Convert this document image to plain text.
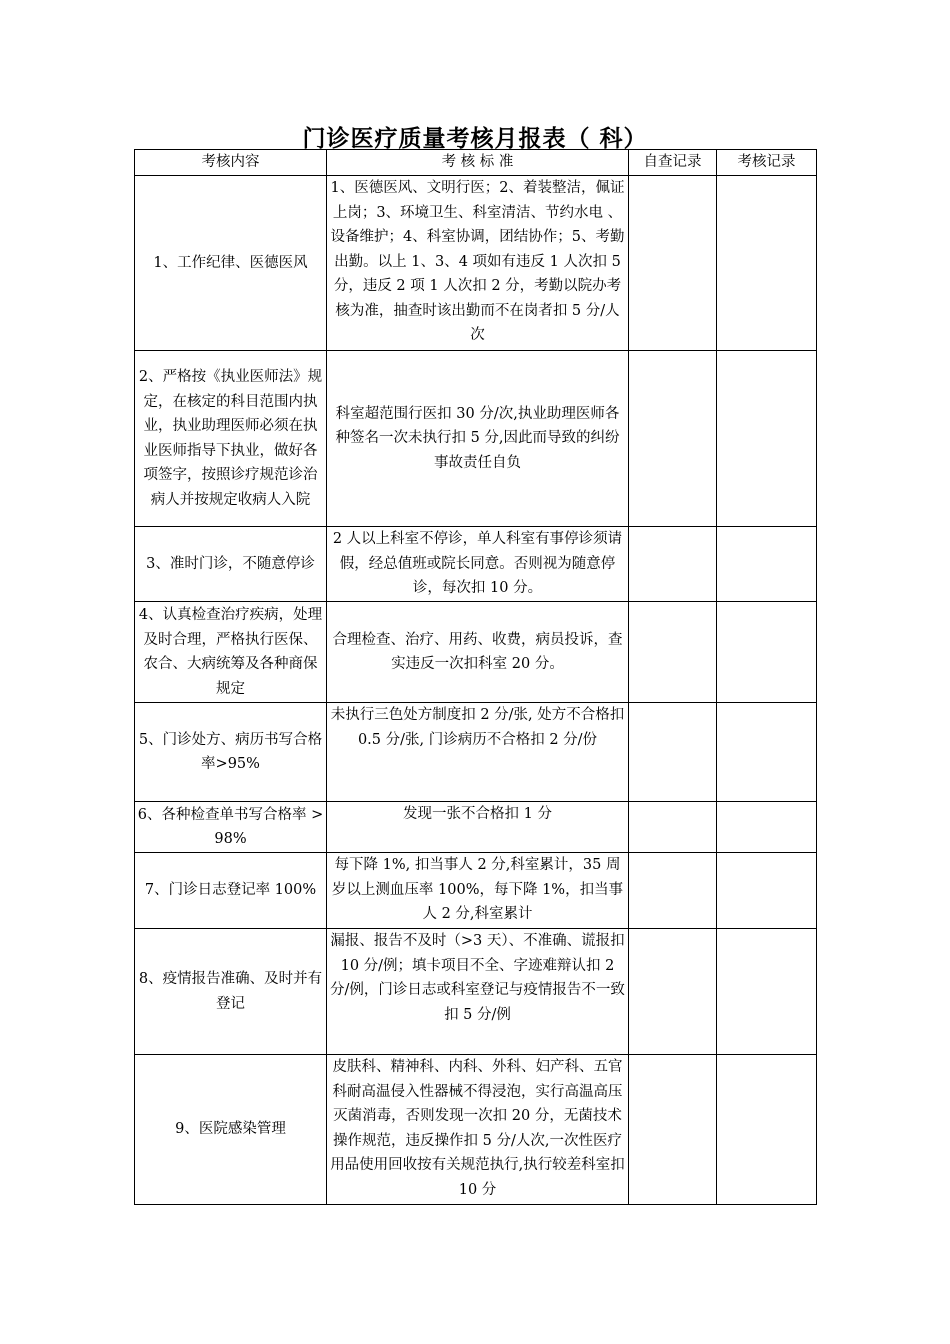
门诊医疗质量考核月报表（ 科）
考核内容	考 核 标 准	自查记录	考核记录
1、工作纪律、医德医风	1、医德医风、文明行医；2、着装整洁，佩证上岗；3、环境卫生、科室清洁、节约水电 、设备维护；4、科室协调，团结协作；5、考勤出勤。以上 1、3、4 项如有违反 1 人次扣 5 分，违反 2 项 1 人次扣 2 分，考勤以院办考核为准，抽查时该出勤而不在岗者扣 5 分/人次		
2、严格按《执业医师法》规定，在核定的科目范围内执业，执业助理医师必须在执业医师指导下执业，做好各项签字，按照诊疗规范诊治病人并按规定收病人入院	科室超范围行医扣 30 分/次,执业助理医师各种签名一次未执行扣 5 分,因此而导致的纠纷事故责任自负		
3、准时门诊，不随意停诊	2 人以上科室不停诊，单人科室有事停诊须请假，经总值班或院长同意。否则视为随意停诊，每次扣 10 分。		
4、认真检查治疗疾病，处理及时合理，严格执行医保、农合、大病统筹及各种商保规定	合理检查、治疗、用药、收费，病员投诉，查实违反一次扣科室 20 分。		
5、门诊处方、病历书写合格率>95%	未执行三色处方制度扣 2 分/张, 处方不合格扣 0.5 分/张, 门诊病历不合格扣 2 分/份		
6、各种检查单书写合格率 >98%	发现一张不合格扣 1 分		
7、门诊日志登记率 100%	每下降 1%, 扣当事人 2 分,科室累计，35 周岁以上测血压率 100%，每下降 1%，扣当事人 2 分,科室累计		
8、疫情报告准确、及时并有登记	漏报、报告不及时（>3 天）、不准确、谎报扣 10 分/例；填卡项目不全、字迹难辩认扣 2 分/例，门诊日志或科室登记与疫情报告不一致扣 5 分/例		
9、医院感染管理	皮肤科、精神科、内科、外科、妇产科、五官科耐高温侵入性器械不得浸泡，实行高温高压灭菌消毒，否则发现一次扣 20 分，无菌技术操作规范，违反操作扣 5 分/人次,一次性医疗用品使用回收按有关规范执行,执行较差科室扣 10 分		
